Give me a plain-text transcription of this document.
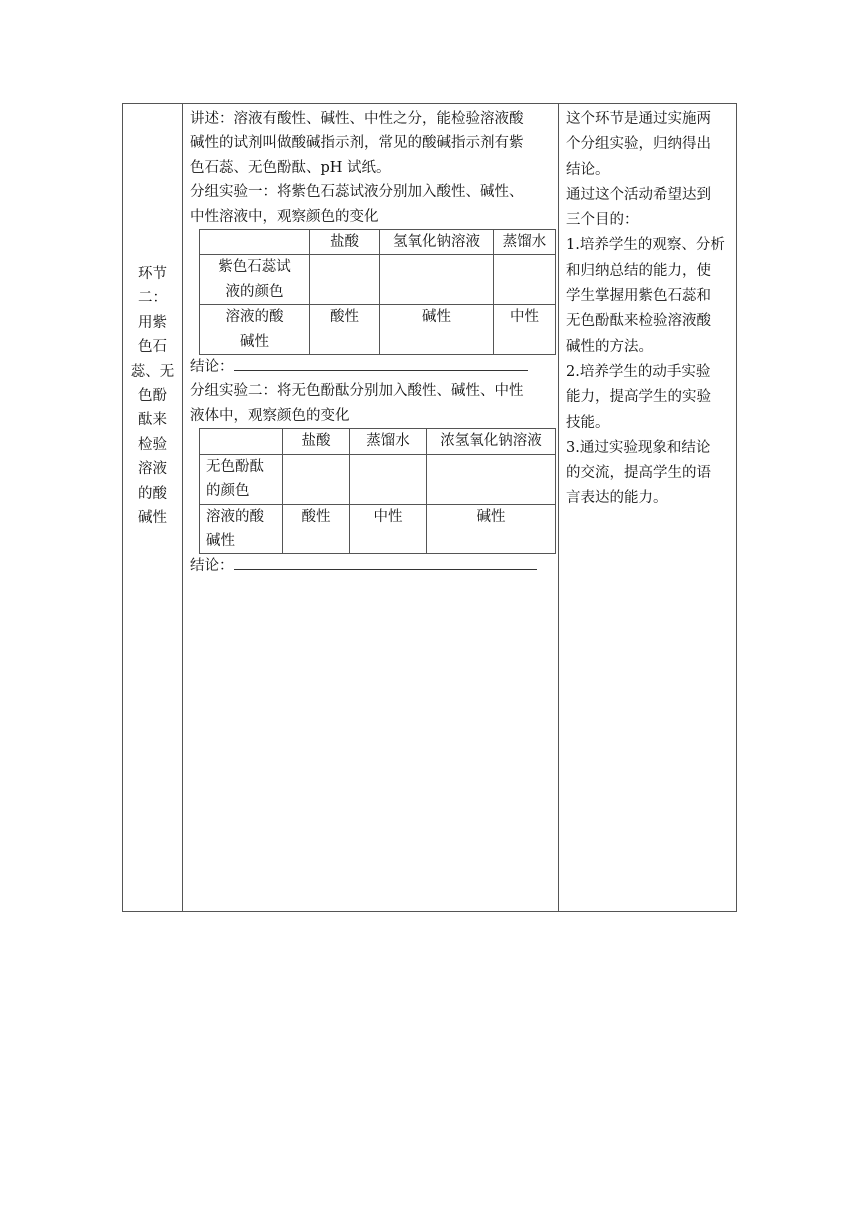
环节
二：
用紫
色石
蕊、无
色酚
酞来
检验
溶液
的酸
碱性

讲述：溶液有酸性、碱性、中性之分，能检验溶液酸

碱性的试剂叫做酸碱指示剂，常见的酸碱指示剂有紫

色石蕊、无色酚酞、pH 试纸。

分组实验一：将紫色石蕊试液分别加入酸性、碱性、

中性溶液中，观察颜色的变化

	盐酸	氢氧化钠溶液	蒸馏水

紫色石蕊试
液的颜色			

溶液的酸
碱性	酸性	碱性	中性

结论：

分组实验二：将无色酚酞分别加入酸性、碱性、中性

液体中，观察颜色的变化

	盐酸	蒸馏水	浓氢氧化钠溶液

无色酚酞
的颜色			

溶液的酸
碱性	酸性	中性	碱性

结论：

这个环节是通过实施两
个分组实验，归纳得出
结论。
通过这个活动希望达到
三个目的：
1.培养学生的观察、分析
和归纳总结的能力，使
学生掌握用紫色石蕊和
无色酚酞来检验溶液酸
碱性的方法。
2.培养学生的动手实验
能力，提高学生的实验
技能。
3.通过实验现象和结论
的交流，提高学生的语
言表达的能力。
